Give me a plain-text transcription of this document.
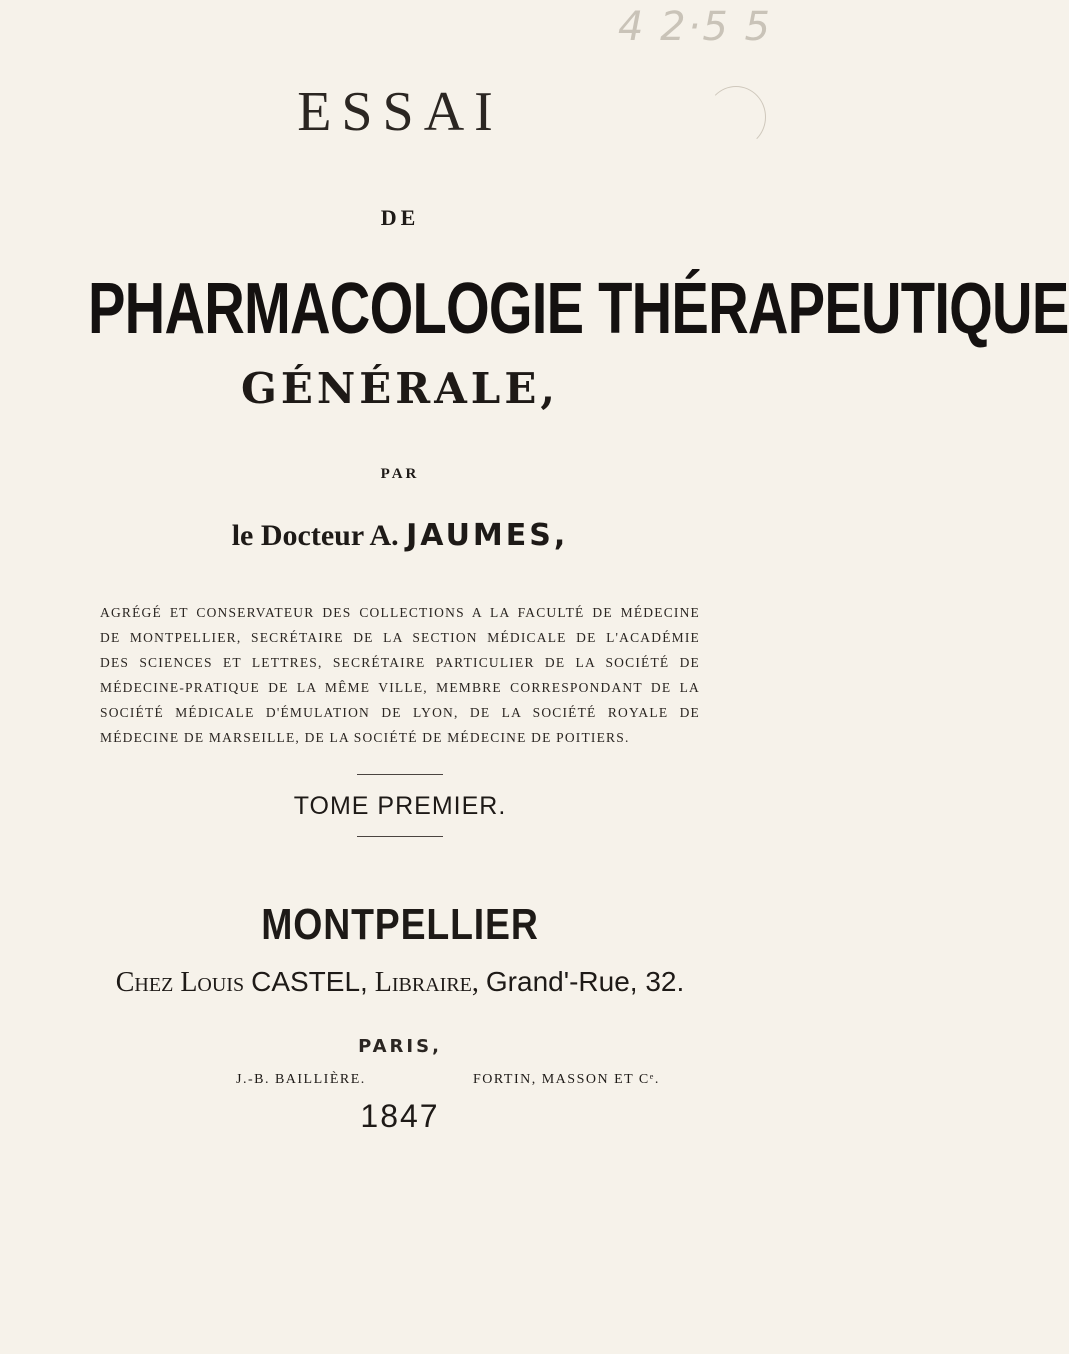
4 2·5 5
ESSAI
DE
PHARMACOLOGIE THÉRAPEUTIQUE
GÉNÉRALE,
PAR
le Docteur A. JAUMES,
AGRÉGÉ ET CONSERVATEUR DES COLLECTIONS A LA FACULTÉ DE MÉDECINE
DE MONTPELLIER, SECRÉTAIRE DE LA SECTION MÉDICALE DE L'ACADÉMIE
DES SCIENCES ET LETTRES, SECRÉTAIRE PARTICULIER DE LA SOCIÉTÉ DE
MÉDECINE-PRATIQUE DE LA MÊME VILLE, MEMBRE CORRESPONDANT DE LA
SOCIÉTÉ MÉDICALE D'ÉMULATION DE LYON, DE LA SOCIÉTÉ ROYALE DE
MÉDECINE DE MARSEILLE, DE LA SOCIÉTÉ DE MÉDECINE DE POITIERS.
TOME PREMIER.
MONTPELLIER
Chez Louis CASTEL, Libraire, Grand'-Rue, 32.
PARIS,
J.-B. BAILLIÈRE.	FORTIN, MASSON ET Cᵉ.
1847
